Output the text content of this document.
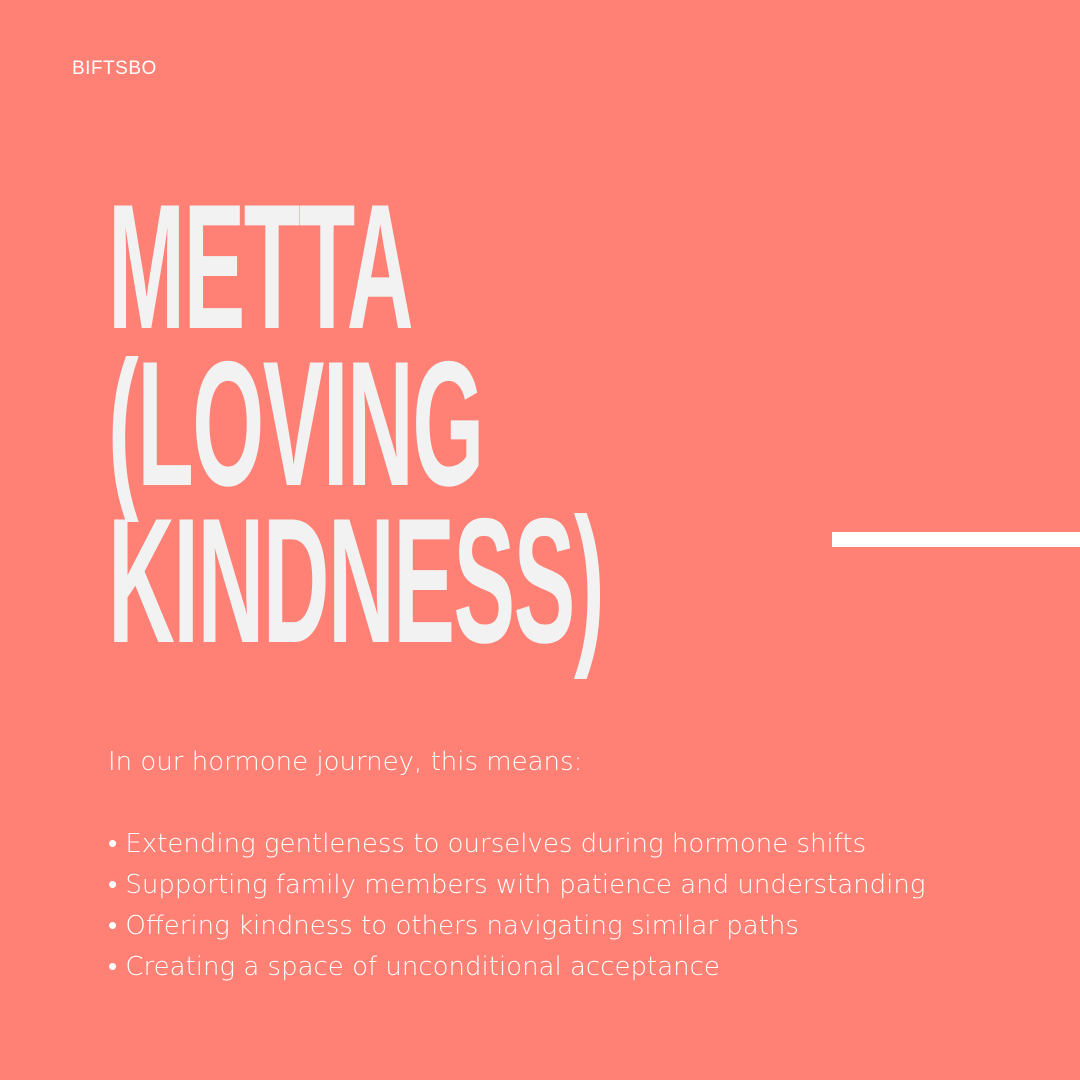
BIFTSBO
METTA
(LOVING
KINDNESS)

In our hormone journey, this means:

• Extending gentleness to ourselves during hormone shifts
• Supporting family members with patience and understanding
• Offering kindness to others navigating similar paths
• Creating a space of unconditional acceptance
